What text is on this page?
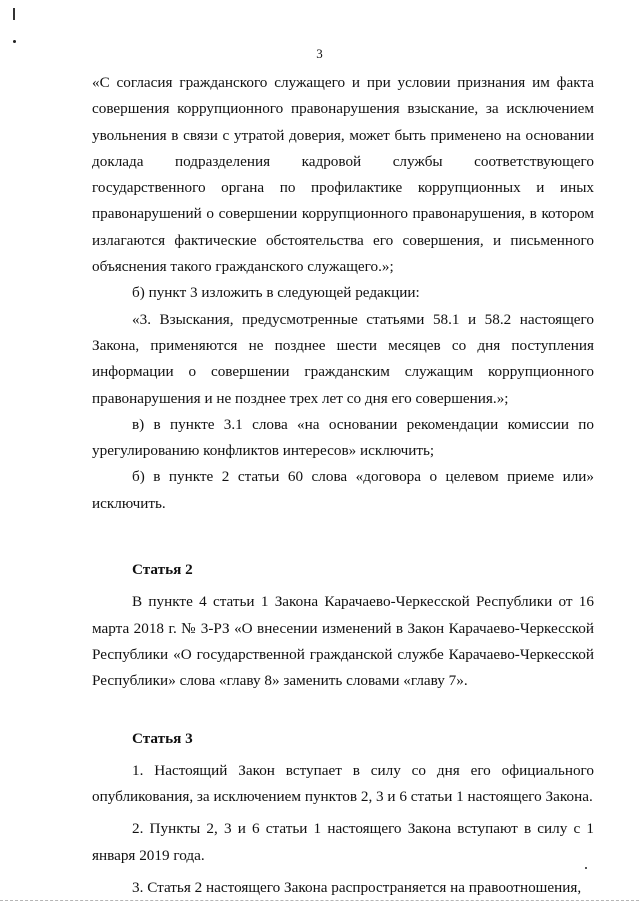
3

«С согласия гражданского служащего и при условии признания им факта совершения коррупционного правонарушения взыскание, за исключением увольнения в связи с утратой доверия, может быть применено на основании доклада подразделения кадровой службы соответствующего государственного органа по профилактике коррупционных и иных правонарушений о совершении коррупционного правонарушения, в котором излагаются фактические обстоятельства его совершения, и письменного объяснения такого гражданского служащего.»;

б) пункт 3 изложить в следующей редакции:

«3. Взыскания, предусмотренные статьями 58.1 и 58.2 настоящего Закона, применяются не позднее шести месяцев со дня поступления информации о совершении гражданским служащим коррупционного правонарушения и не позднее трех лет со дня его совершения.»;

в) в пункте 3.1 слова «на основании рекомендации комиссии по урегулированию конфликтов интересов» исключить;

б) в пункте 2 статьи 60 слова «договора о целевом приеме или» исключить.

Статья 2

В пункте 4 статьи 1 Закона Карачаево-Черкесской Республики от 16 марта 2018 г. № 3-РЗ «О внесении изменений в Закон Карачаево-Черкесской Республики «О государственной гражданской службе Карачаево-Черкесской Республики» слова «главу 8» заменить словами «главу 7».

Статья 3

1. Настоящий Закон вступает в силу со дня его официального опубликования, за исключением пунктов 2, 3 и 6 статьи 1 настоящего Закона.

2. Пункты 2, 3 и 6 статьи 1 настоящего Закона вступают в силу с 1 января 2019 года.

3. Статья 2 настоящего Закона распространяется на правоотношения,
